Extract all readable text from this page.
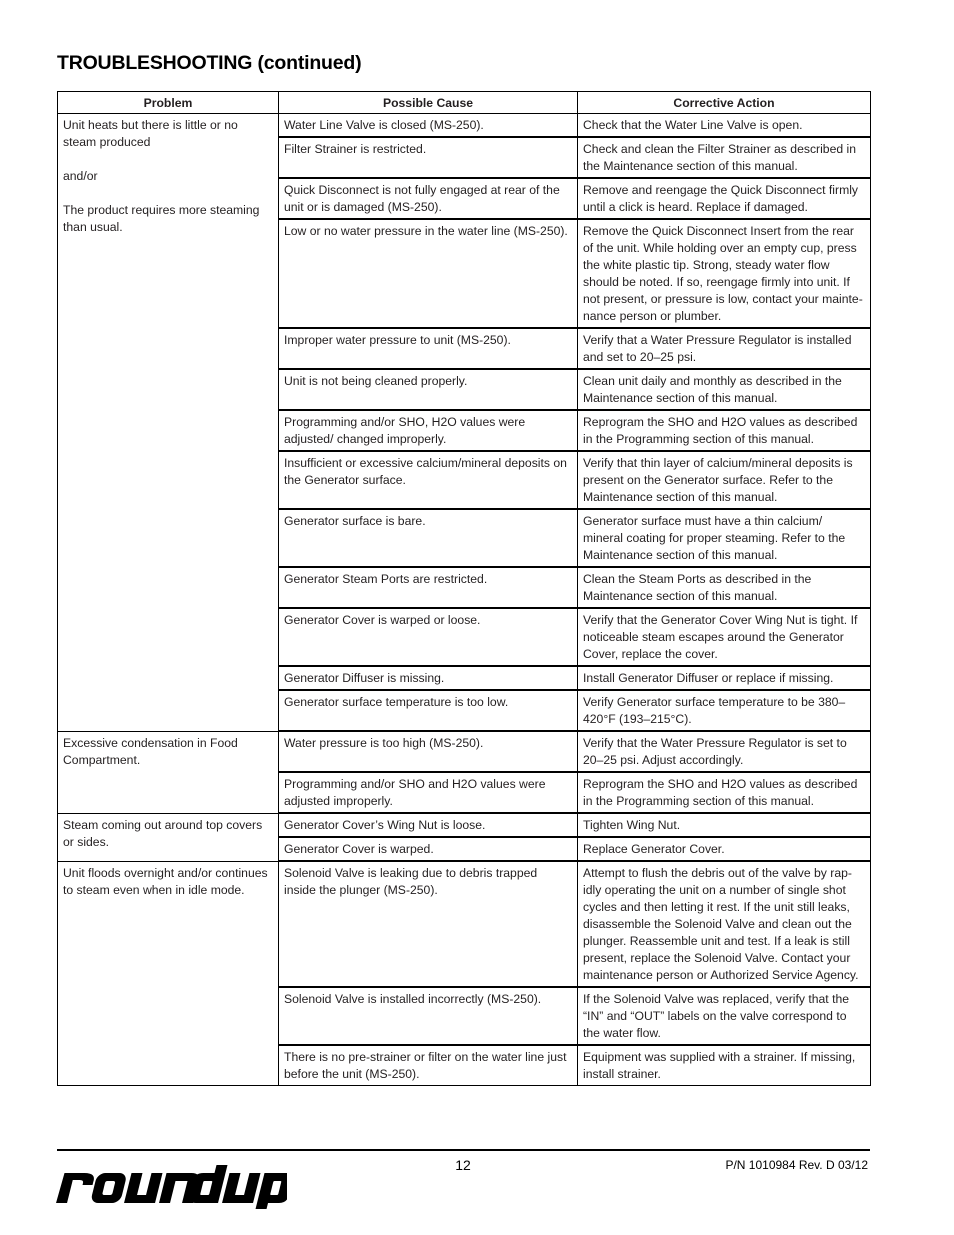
TROUBLESHOOTING (continued)
Problem	Possible Cause	Corrective Action
Unit heats but there is little or no steam produced

and/or

The product requires more steaming than usual.	Water Line Valve is closed (MS-250).	Check that the Water Line Valve is open.
	Filter Strainer is restricted.	Check and clean the Filter Strainer as described in the Maintenance section of this manual.
	Quick Disconnect is not fully engaged at rear of the unit or is damaged (MS-250).	Remove and reengage the Quick Disconnect firmly until a click is heard. Replace if damaged.
	Low or no water pressure in the water line (MS-250).	Remove the Quick Disconnect Insert from the rear of the unit. While holding over an empty cup, press the white plastic tip. Strong, steady water flow should be noted. If so, reengage firmly into unit. If not present, or pressure is low, contact your mainte-nance person or plumber.
	Improper water pressure to unit (MS-250).	Verify that a Water Pressure Regulator is installed and set to 20–25 psi.
	Unit is not being cleaned properly.	Clean unit daily and monthly as described in the Maintenance section of this manual.
	Programming and/or SHO, H2O values were adjusted/ changed improperly.	Reprogram the SHO and H2O values as described in the Programming section of this manual.
	Insufficient or excessive calcium/mineral deposits on the Generator surface.	Verify that thin layer of calcium/mineral deposits is present on the Generator surface. Refer to the Maintenance section of this manual.
	Generator surface is bare.	Generator surface must have a thin calcium/ mineral coating for proper steaming. Refer to the Maintenance section of this manual.
	Generator Steam Ports are restricted.	Clean the Steam Ports as described in the Maintenance section of this manual.
	Generator Cover is warped or loose.	Verify that the Generator Cover Wing Nut is tight. If noticeable steam escapes around the Generator Cover, replace the cover.
	Generator Diffuser is missing.	Install Generator Diffuser or replace if missing.
	Generator surface temperature is too low.	Verify Generator surface temperature to be 380–420°F (193–215°C).
Excessive condensation in Food Compartment.	Water pressure is too high (MS-250).	Verify that the Water Pressure Regulator is set to 20–25 psi. Adjust accordingly.
	Programming and/or SHO and H2O values were adjusted improperly.	Reprogram the SHO and H2O values as described in the Programming section of this manual.
Steam coming out around top covers or sides.	Generator Cover’s Wing Nut is loose.	Tighten Wing Nut.
	Generator Cover is warped.	Replace Generator Cover.
Unit floods overnight and/or continues to steam even when in idle mode.	Solenoid Valve is leaking due to debris trapped inside the plunger (MS-250).	Attempt to flush the debris out of the valve by rap-idly operating the unit on a number of single shot cycles and then letting it rest. If the unit still leaks, disassemble the Solenoid Valve and clean out the plunger. Reassemble unit and test. If a leak is still present, replace the Solenoid Valve. Contact your maintenance person or Authorized Service Agency.
	Solenoid Valve is installed incorrectly (MS-250).	If the Solenoid Valve was replaced, verify that the “IN” and “OUT” labels on the valve correspond to the water flow.
	There is no pre-strainer or filter on the water line just before the unit (MS-250).	Equipment was supplied with a strainer. If missing, install strainer.
12	P/N 1010984 Rev. D 03/12
